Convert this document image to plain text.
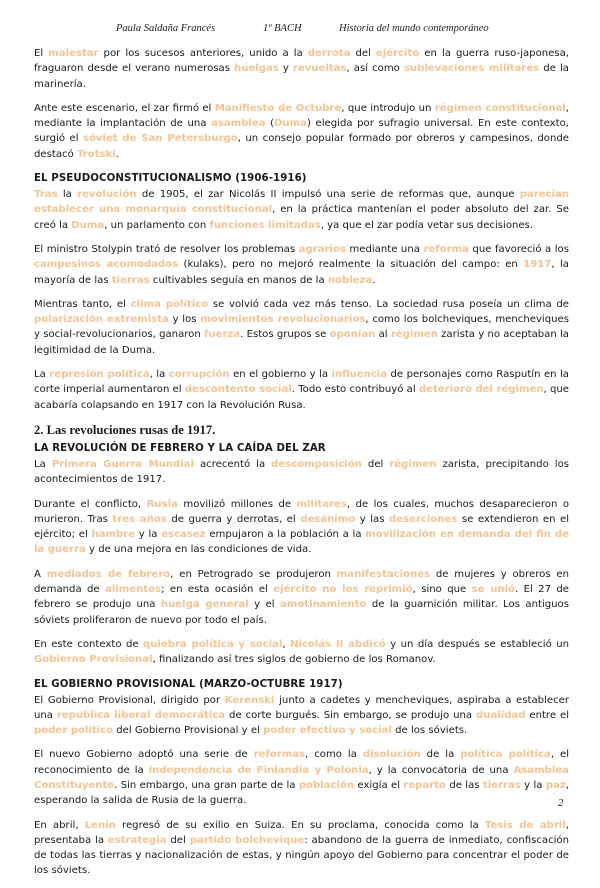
Paula Saldaña Francés	1º BACH	Historia del mundo contemporáneo

El malestar por los sucesos anteriores, unido a la derrota del ejército en la guerra ruso-japonesa, fraguaron desde el verano numerosas huelgas y revueltas, así como sublevaciones militares de la marinería.

Ante este escenario, el zar firmó el Manifiesto de Octubre, que introdujo un régimen constitucional, mediante la implantación de una asamblea (Duma) elegida por sufragio universal. En este contexto, surgió el sóviet de San Petersburgo, un consejo popular formado por obreros y campesinos, donde destacó Trotski.

EL PSEUDOCONSTITUCIONALISMO (1906-1916)

Tras la revolución de 1905, el zar Nicolás II impulsó una serie de reformas que, aunque parecían establecer una monarquía constitucional, en la práctica mantenían el poder absoluto del zar. Se creó la Duma, un parlamento con funciones limitadas, ya que el zar podía vetar sus decisiones.

El ministro Stolypin trató de resolver los problemas agrarios mediante una reforma que favoreció a los campesinos acomodados (kulaks), pero no mejoró realmente la situación del campo: en 1917, la mayoría de las tierras cultivables seguía en manos de la nobleza.

Mientras tanto, el clima político se volvió cada vez más tenso. La sociedad rusa poseía un clima de polarización extremista y los movimientos revolucionarios, como los bolcheviques, mencheviques y social-revolucionarios, ganaron fuerza. Estos grupos se oponían al régimen zarista y no aceptaban la legitimidad de la Duma.

La represión política, la corrupción en el gobierno y la influencia de personajes como Rasputín en la corte imperial aumentaron el descontento social. Todo esto contribuyó al deterioro del régimen, que acabaría colapsando en 1917 con la Revolución Rusa.

2. Las revoluciones rusas de 1917.
LA REVOLUCIÓN DE FEBRERO Y LA CAÍDA DEL ZAR

La Primera Guerra Mundial acrecentó la descomposición del régimen zarista, precipitando los acontecimientos de 1917.

Durante el conflicto, Rusia movilizó millones de militares, de los cuales, muchos desaparecieron o murieron. Tras tres años de guerra y derrotas, el desánimo y las deserciones se extendieron en el ejército; el hambre y la escasez empujaron a la población a la movilización en demanda del fin de la guerra y de una mejora en las condiciones de vida.

A mediados de febrero, en Petrogrado se produjeron manifestaciones de mujeres y obreros en demanda de alimentos; en esta ocasión el ejército no los reprimió, sino que se unió. El 27 de febrero se produjo una huelga general y el amotinamiento de la guarnición militar. Los antiguos sóviets proliferaron de nuevo por todo el país.

En este contexto de quiebra política y social, Nicolás II abdicó y un día después se estableció un Gobierno Provisional, finalizando así tres siglos de gobierno de los Romanov.

EL GOBIERNO PROVISIONAL (MARZO-OCTUBRE 1917)

El Gobierno Provisional, dirigido por Kerenski junto a cadetes y mencheviques, aspiraba a establecer una república liberal democrática de corte burgués. Sin embargo, se produjo una dualidad entre el poder político del Gobierno Provisional y el poder efectivo y social de los sóviets.

El nuevo Gobierno adoptó una serie de reformas, como la disolución de la política política, el reconocimiento de la independencia de Finlandia y Polonia, y la convocatoria de una Asamblea Constituyente. Sin embargo, una gran parte de la población exigía el reparto de las tierras y la paz, esperando la salida de Rusia de la guerra.

En abril, Lenin regresó de su exilio en Suiza. En su proclama, conocida como la Tesis de abril, presentaba la estrategia del partido bolchevique: abandono de la guerra de inmediato, confiscación de todas las tierras y nacionalización de estas, y ningún apoyo del Gobierno para concentrar el poder de los sóviets.

2
